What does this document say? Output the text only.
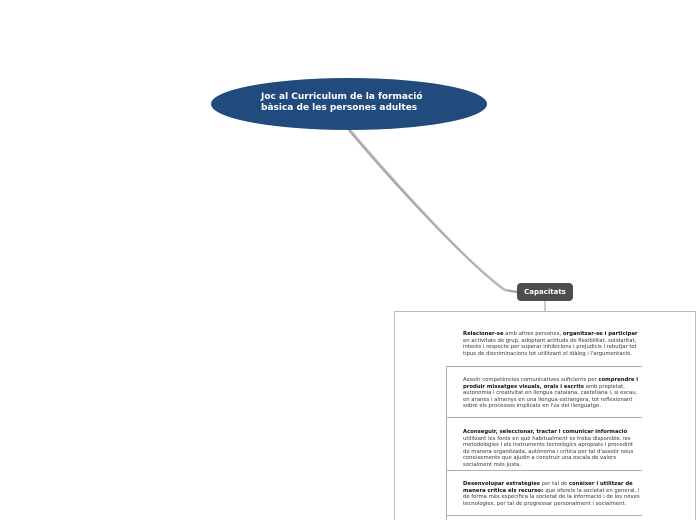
Joc al Curriculum de la formació
bàsica de les persones adultes
Capacitats

Relacionar-se amb altres persones, organitzar-se i participar en activitats de grup, adoptant actituds de flexibilitat, solidaritat, interès i respecte per superar inhibicions i prejudicis i rebutjar tot tipus de discriminacions tot utilitzant el diàleg i l'argumentació.

Assolir competències comunicatives suficients per comprendre i produir missatges visuals, orals i escrits amb propietat, autonomia i creativitat en llengua catalana, castellana i, si escau, en aranès i almenys en una llengua estrangera, tot reflexionant sobre els processos implicats en l'ús del llenguatge.

Aconseguir, seleccionar, tractar i comunicar informació utilitzant les fonts en què habitualment es troba disponible, les metodologies i els instruments tecnològics apropiats i procedint de manera organitzada, autònoma i crítica per tal d'assolir nous coneixements que ajudin a construir una escala de valors socialment més justa.

Desenvolupar estratègies per tal de conèixer i utilitzar de manera crítica els recursos que ofereix la societat en general, i de forma més específica la societat de la informació i de les noves tecnologies, per tal de progressar personalment i socialment.
